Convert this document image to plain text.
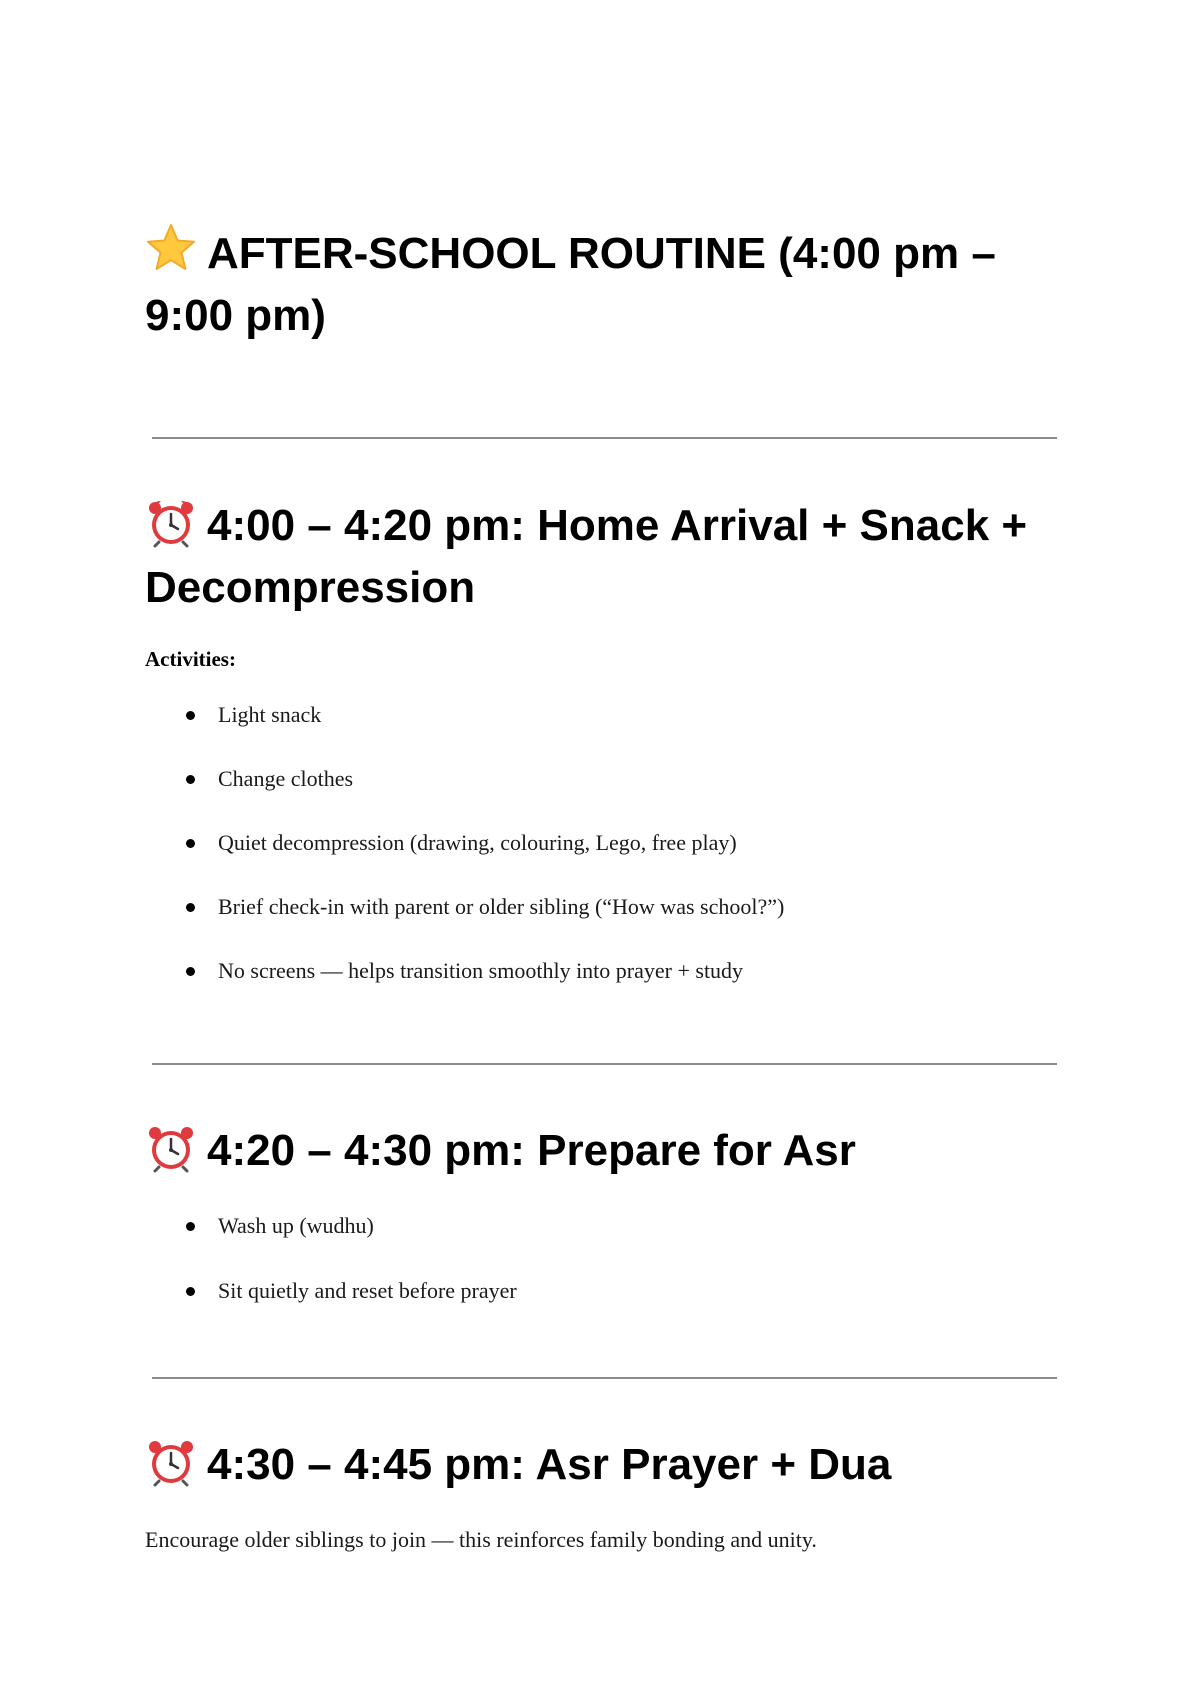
AFTER-SCHOOL ROUTINE (4:00 pm – 9:00 pm)
4:00 – 4:20 pm: Home Arrival + Snack + Decompression

Activities:

Light snack
Change clothes
Quiet decompression (drawing, colouring, Lego, free play)
Brief check-in with parent or older sibling (“How was school?”)
No screens — helps transition smoothly into prayer + study
4:20 – 4:30 pm: Prepare for Asr
Wash up (wudhu)
Sit quietly and reset before prayer
4:30 – 4:45 pm: Asr Prayer + Dua

Encourage older siblings to join — this reinforces family bonding and unity.
